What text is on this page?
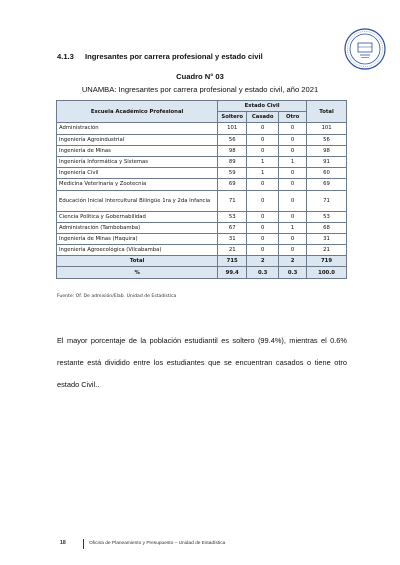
4.1.3 Ingresantes por carrera profesional y estado civil
Cuadro N° 03
UNAMBA: Ingresantes por carrera profesional y estado civil, año 2021
Escuela Académico Profesional	Estado Civil			Total
	Soltero	Casado	Otro	
Administración	101	0	0	101
Ingeniería Agroindustrial	56	0	0	56
Ingeniería de Minas	98	0	0	98
Ingeniería Informática y Sistemas	89	1	1	91
Ingeniería Civil	59	1	0	60
Medicina Veterinaria y Zootecnia	69	0	0	69
Educación Inicial Intercultural Bilingüe 1ra y 2da Infancia	71	0	0	71
Ciencia Política y Gobernabilidad	53	0	0	53
Administración (Tambobamba)	67	0	1	68
Ingeniería de Minas (Haquira)	31	0	0	31
Ingeniería Agroecológica (Vilcabamba)	21	0	0	21
Total	715	2	2	719
%	99.4	0.3	0.3	100.0
Fuente: Of. De admisión/Elab. Unidad de Estadística
El mayor porcentaje de la población estudiantil es soltero (99.4%), mientras el 0.6% restante está dividido entre los estudiantes que se encuentran casados o tiene otro estado Civil..
18	Oficina de Planeamiento y Presupuesto – Unidad de Estadística
